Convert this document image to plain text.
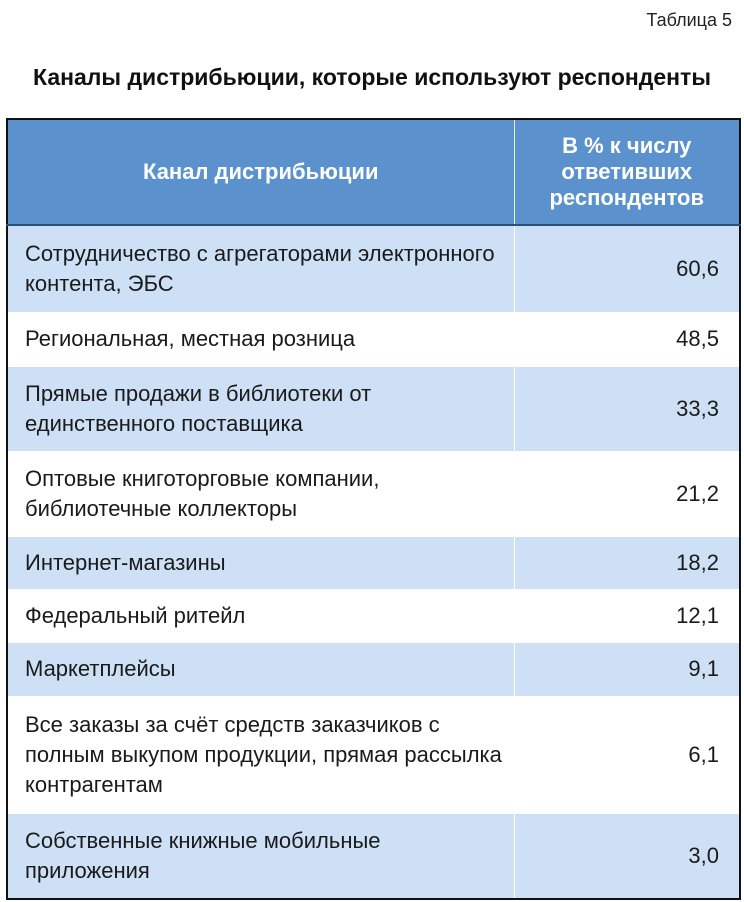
Таблица 5
Каналы дистрибьюции, которые используют респонденты
Канал дистрибьюции	В % к числу ответивших респондентов
Сотрудничество с агрегаторами электронного контента, ЭБС	60,6
Региональная, местная розница	48,5
Прямые продажи в библиотеки от единственного поставщика	33,3
Оптовые книготорговые компании, библиотечные коллекторы	21,2
Интернет-магазины	18,2
Федеральный ритейл	12,1
Маркетплейсы	9,1
Все заказы за счёт средств заказчиков с полным выкупом продукции, прямая рассылка контрагентам	6,1
Собственные книжные мобильные приложения	3,0
